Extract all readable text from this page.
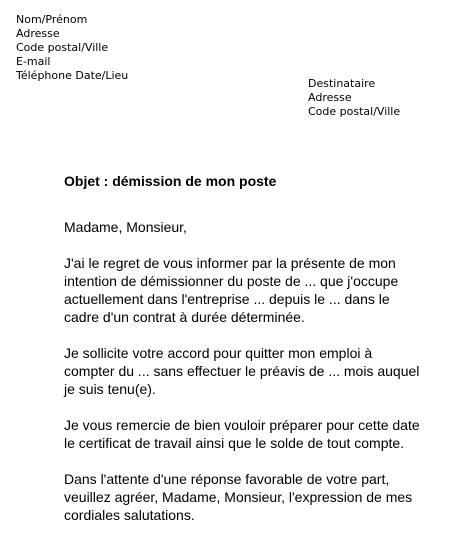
Nom/Prénom
Adresse
Code postal/Ville
E-mail
Téléphone Date/Lieu
Destinataire
Adresse
Code postal/Ville
Objet : démission de mon poste
Madame, Monsieur,
J'ai le regret de vous informer par la présente de mon
intention de démissionner du poste de ... que j'occupe
actuellement dans l'entreprise ... depuis le ... dans le
cadre d'un contrat à durée déterminée.
Je sollicite votre accord pour quitter mon emploi à
compter du ... sans effectuer le préavis de ... mois auquel
je suis tenu(e).
Je vous remercie de bien vouloir préparer pour cette date
le certificat de travail ainsi que le solde de tout compte.
Dans l'attente d'une réponse favorable de votre part,
veuillez agréer, Madame, Monsieur, l'expression de mes
cordiales salutations.
